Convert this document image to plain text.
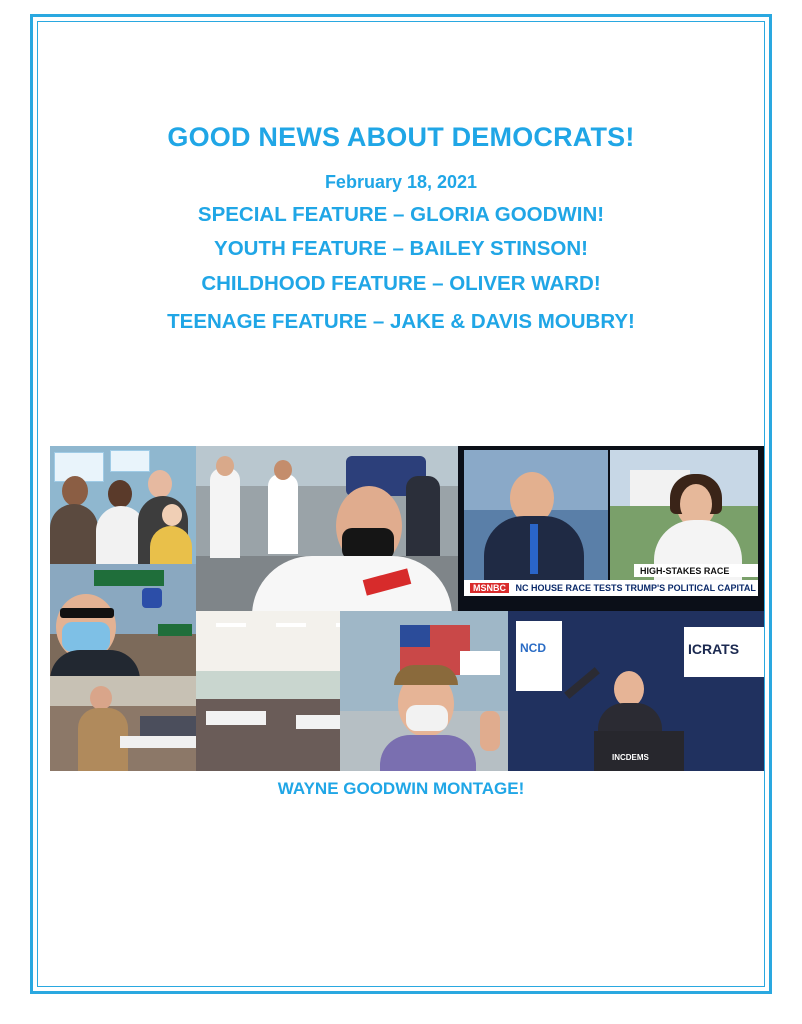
GOOD NEWS ABOUT DEMOCRATS!
February 18, 2021
SPECIAL FEATURE – GLORIA GOODWIN!
YOUTH FEATURE – BAILEY STINSON!
CHILDHOOD FEATURE – OLIVER WARD!
TEENAGE FEATURE – JAKE & DAVIS MOUBRY!
HIGH-STAKES RACE
MSNBC NC HOUSE RACE TESTS TRUMP'S POLITICAL CAPITAL
NCD	ICRATS
INCDEMS
WAYNE GOODWIN MONTAGE!
